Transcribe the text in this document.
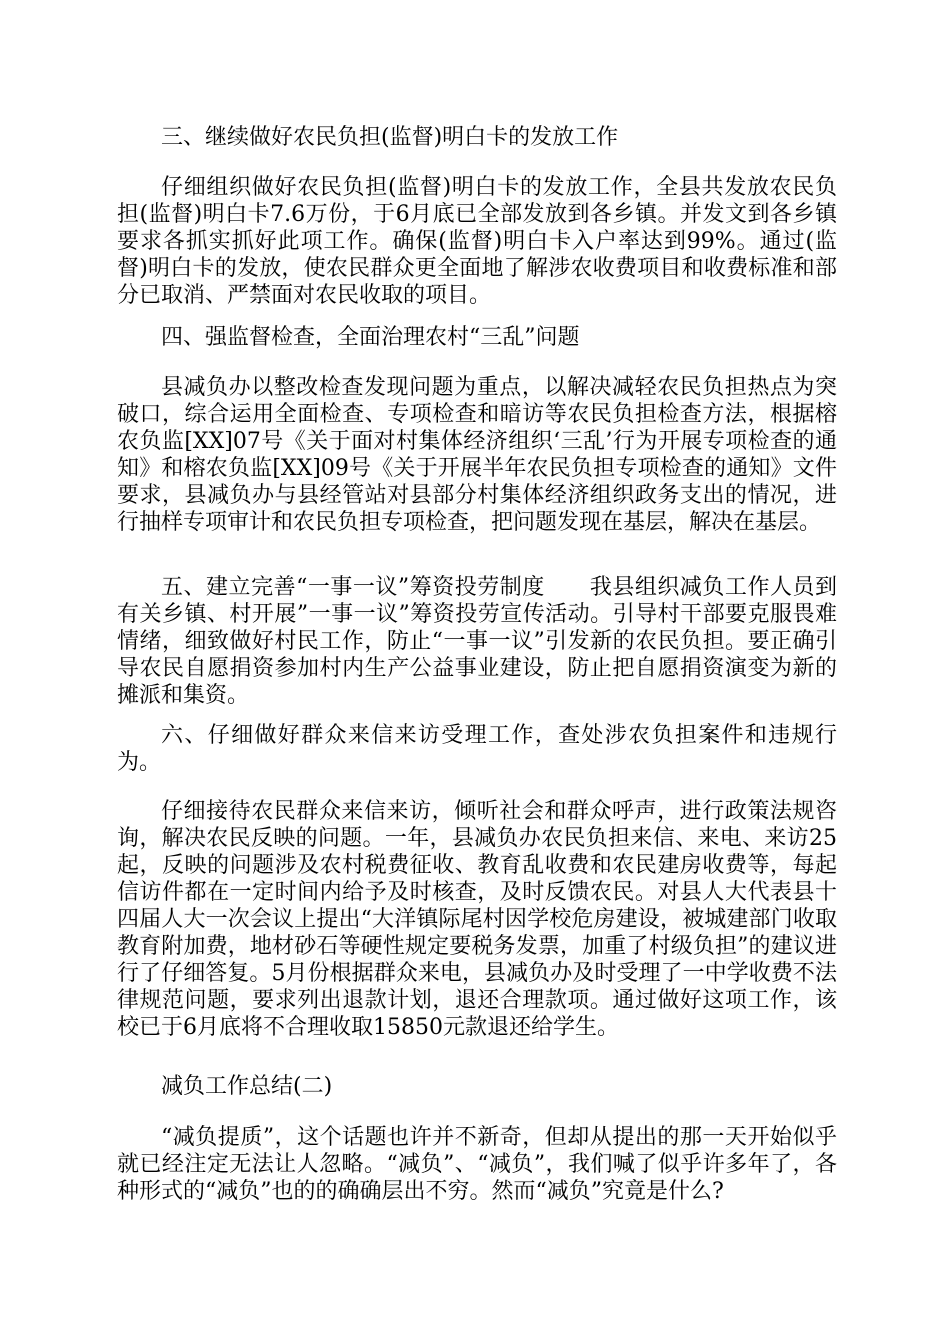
三、继续做好农民负担(监督)明白卡的发放工作

仔细组织做好农民负担(监督)明白卡的发放工作，全县共发放农民负担(监督)明白卡7.6万份，于6月底已全部发放到各乡镇。并发文到各乡镇要求各抓实抓好此项工作。确保(监督)明白卡入户率达到99%。通过(监督)明白卡的发放，使农民群众更全面地了解涉农收费项目和收费标准和部分已取消、严禁面对农民收取的项目。

四、强监督检查，全面治理农村“三乱”问题

县减负办以整改检查发现问题为重点，以解决减轻农民负担热点为突破口，综合运用全面检查、专项检查和暗访等农民负担检查方法，根据榕农负监[XX]07号《关于面对村集体经济组织‘三乱’行为开展专项检查的通知》和榕农负监[XX]09号《关于开展半年农民负担专项检查的通知》文件要求，县减负办与县经管站对县部分村集体经济组织政务支出的情况，进行抽样专项审计和农民负担专项检查，把问题发现在基层，解决在基层。

五、建立完善“一事一议”筹资投劳制度　　我县组织减负工作人员到有关乡镇、村开展”一事一议”筹资投劳宣传活动。引导村干部要克服畏难情绪，细致做好村民工作，防止“一事一议”引发新的农民负担。要正确引导农民自愿捐资参加村内生产公益事业建设，防止把自愿捐资演变为新的摊派和集资。

六、仔细做好群众来信来访受理工作，查处涉农负担案件和违规行为。

仔细接待农民群众来信来访，倾听社会和群众呼声，进行政策法规咨询，解决农民反映的问题。一年，县减负办农民负担来信、来电、来访25起，反映的问题涉及农村税费征收、教育乱收费和农民建房收费等，每起信访件都在一定时间内给予及时核查，及时反馈农民。对县人大代表县十四届人大一次会议上提出“大洋镇际尾村因学校危房建设，被城建部门收取教育附加费，地材砂石等硬性规定要税务发票，加重了村级负担”的建议进行了仔细答复。5月份根据群众来电，县减负办及时受理了一中学收费不法律规范问题，要求列出退款计划，退还合理款项。通过做好这项工作，该校已于6月底将不合理收取15850元款退还给学生。

减负工作总结(二)

“减负提质”，这个话题也许并不新奇，但却从提出的那一天开始似乎就已经注定无法让人忽略。“减负”、“减负”，我们喊了似乎许多年了，各种形式的“减负”也的的确确层出不穷。然而“减负”究竟是什么?
